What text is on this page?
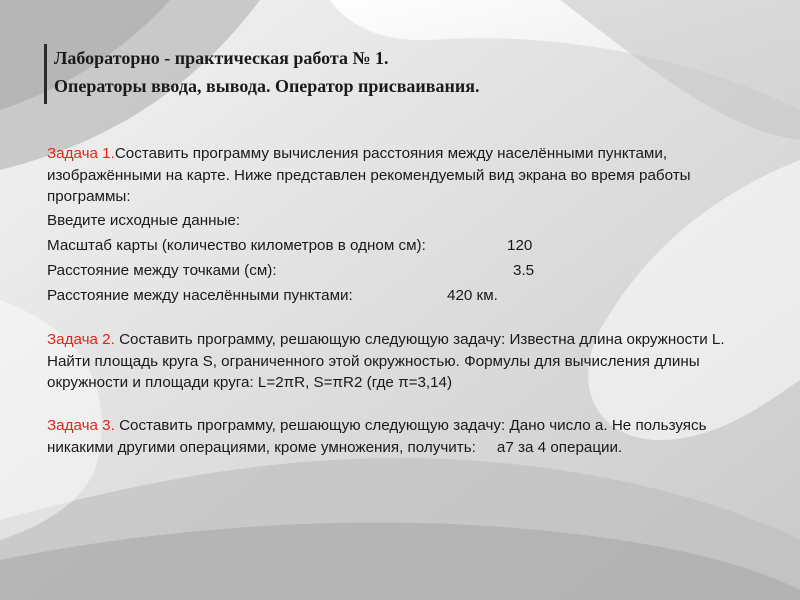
Лабораторно - практическая работа № 1.

Операторы ввода, вывода. Оператор присваивания.

Задача 1.Составить программу вычисления расстояния между населёнными пунктами, изображёнными на карте. Ниже представлен рекомендуемый вид экрана во время работы программы:

Введите исходные данные:
Масштаб карты (количество километров в одном см):	120
Расстояние между точками (см):	3.5
Расстояние между населёнными пунктами:	420 км.

Задача 2. Составить программу, решающую следующую задачу: Известна длина окружности L. Найти площадь круга S, ограниченного этой окружностью. Формулы для вычисления длины окружности и площади круга: L=2πR, S=πR2 (где π=3,14)

Задача 3. Составить программу, решающую следующую задачу: Дано число а. Не пользуясь никакими другими операциями, кроме умножения, получить:     а7 за 4 операции.
